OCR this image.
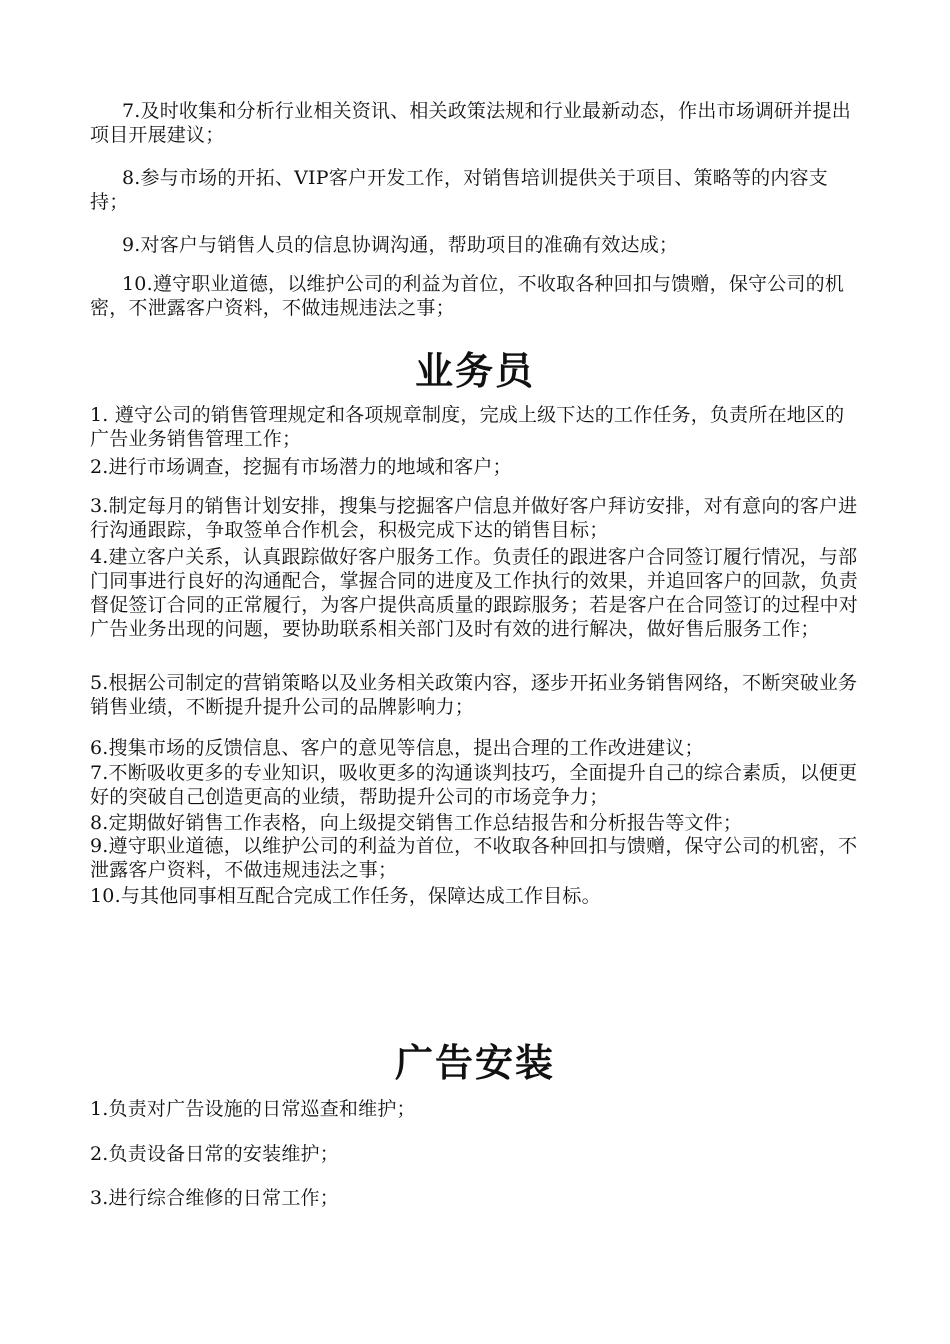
7.及时收集和分析行业相关资讯、相关政策法规和行业最新动态，作出市场调研并提出项目开展建议；

8.参与市场的开拓、VIP客户开发工作，对销售培训提供关于项目、策略等的内容支持；

9.对客户与销售人员的信息协调沟通，帮助项目的准确有效达成；

10.遵守职业道德，以维护公司的利益为首位，不收取各种回扣与馈赠，保守公司的机密，不泄露客户资料，不做违规违法之事；

业务员

1. 遵守公司的销售管理规定和各项规章制度，完成上级下达的工作任务，负责所在地区的广告业务销售管理工作；

2.进行市场调查，挖掘有市场潜力的地域和客户；

3.制定每月的销售计划安排，搜集与挖掘客户信息并做好客户拜访安排，对有意向的客户进行沟通跟踪，争取签单合作机会，积极完成下达的销售目标；

4.建立客户关系，认真跟踪做好客户服务工作。负责任的跟进客户合同签订履行情况，与部门同事进行良好的沟通配合，掌握合同的进度及工作执行的效果，并追回客户的回款，负责督促签订合同的正常履行，为客户提供高质量的跟踪服务；若是客户在合同签订的过程中对广告业务出现的问题，要协助联系相关部门及时有效的进行解决，做好售后服务工作；

5.根据公司制定的营销策略以及业务相关政策内容，逐步开拓业务销售网络，不断突破业务销售业绩，不断提升提升公司的品牌影响力；

6.搜集市场的反馈信息、客户的意见等信息，提出合理的工作改进建议；

7.不断吸收更多的专业知识，吸收更多的沟通谈判技巧，全面提升自己的综合素质，以便更好的突破自己创造更高的业绩，帮助提升公司的市场竞争力；

8.定期做好销售工作表格，向上级提交销售工作总结报告和分析报告等文件；

9.遵守职业道德，以维护公司的利益为首位，不收取各种回扣与馈赠，保守公司的机密，不泄露客户资料，不做违规违法之事；

10.与其他同事相互配合完成工作任务，保障达成工作目标。

广告安装

1.负责对广告设施的日常巡查和维护；

2.负责设备日常的安装维护；

3.进行综合维修的日常工作；
